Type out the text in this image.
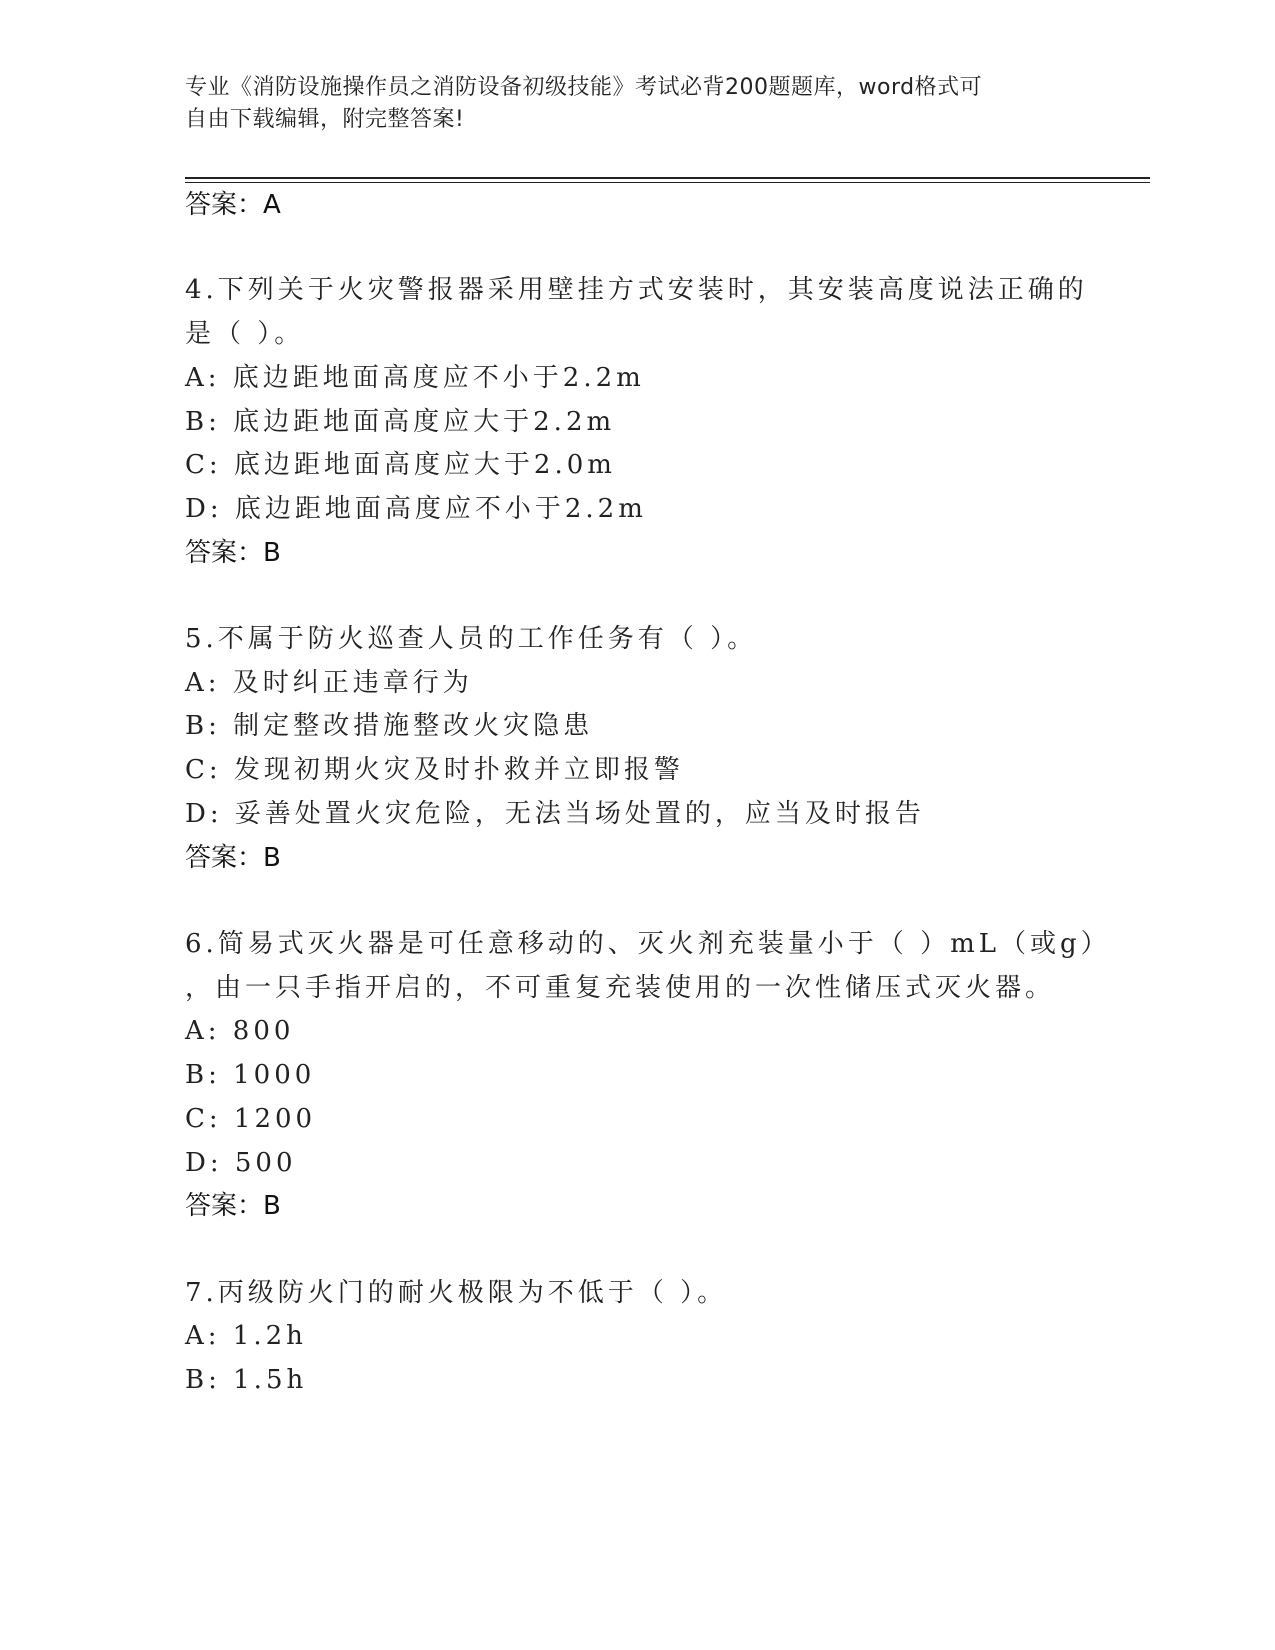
专业《消防设施操作员之消防设备初级技能》考试必背200题题库，word格式可
自由下载编辑，附完整答案!
答案：A
4.下列关于火灾警报器采用壁挂方式安装时，其安装高度说法正确的
是（ ）。
A: 底边距地面高度应不小于2.2m
B: 底边距地面高度应大于2.2m
C: 底边距地面高度应大于2.0m
D: 底边距地面高度应不小于2.2m
答案：B
5.不属于防火巡查人员的工作任务有（ ）。
A: 及时纠正违章行为
B: 制定整改措施整改火灾隐患
C: 发现初期火灾及时扑救并立即报警
D: 妥善处置火灾危险，无法当场处置的，应当及时报告
答案：B
6.简易式灭火器是可任意移动的、灭火剂充装量小于（ ）mL（或g）
，由一只手指开启的，不可重复充装使用的一次性储压式灭火器。
A: 800
B: 1000
C: 1200
D: 500
答案：B
7.丙级防火门的耐火极限为不低于（ ）。
A: 1.2h
B: 1.5h
